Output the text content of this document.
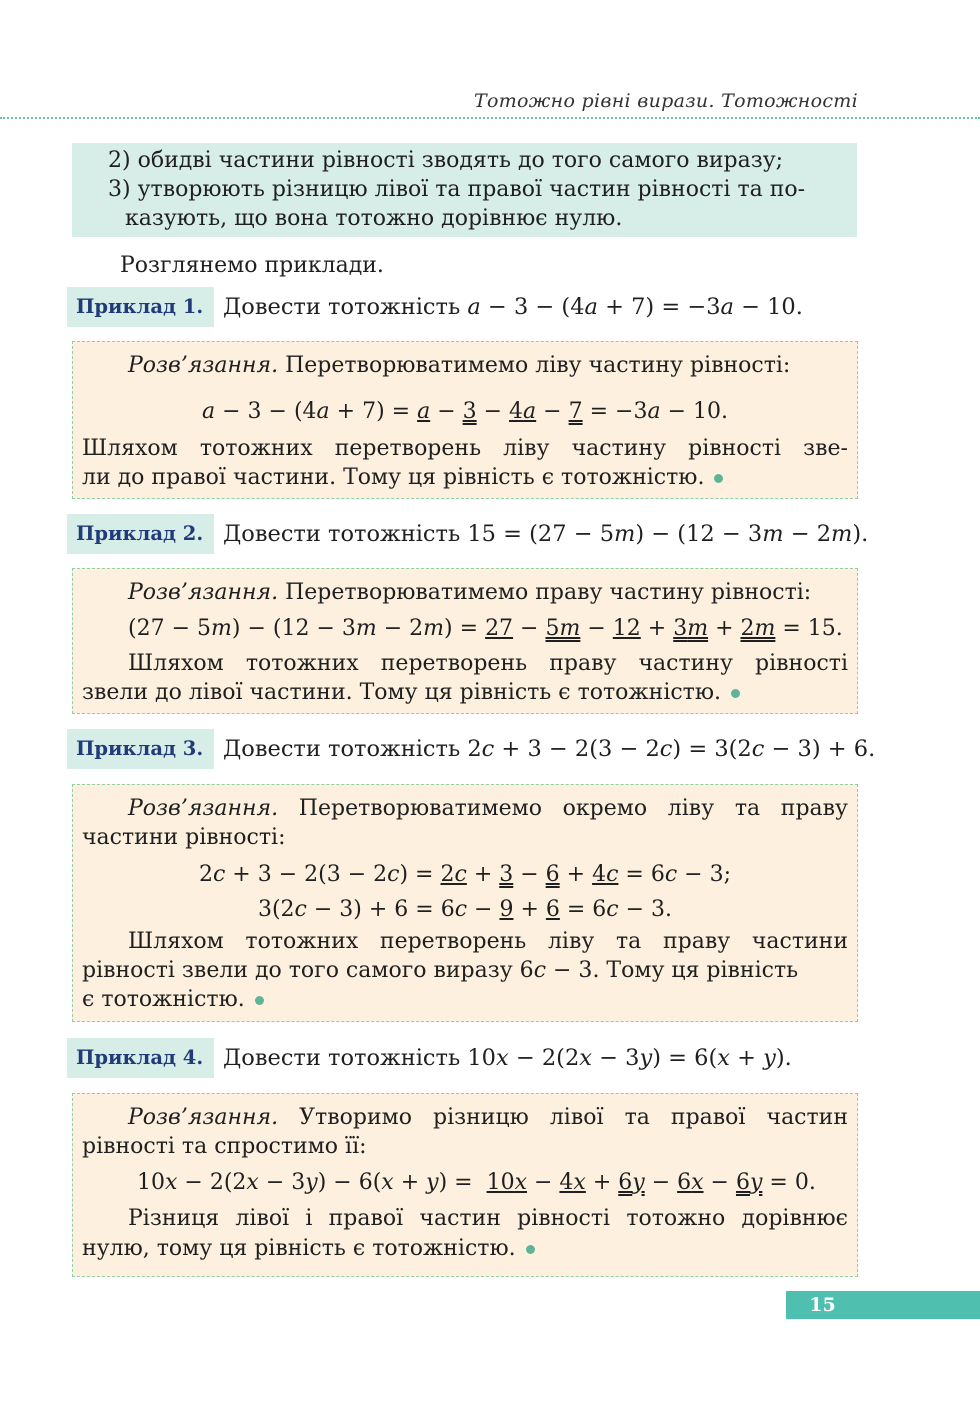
Тотожно рівні вирази. Тотожності
2) обидві частини рівності зводять до того самого виразу;
3) утворюють різницю лівої та правої частин рівності та по-
казують, що вона тотожно дорівнює нулю.
Розглянемо приклади.
Приклад 1. Довести тотожність a − 3 − (4a + 7) = −3a − 10.
Розв’язання. Перетворюватимемо ліву частину рівності:
a − 3 − (4a + 7) = a − 3 − 4a − 7 = −3a − 10.
Шляхом тотожних перетворень ліву частину рівності зве-
ли до правої частини. Тому ця рівність є тотожністю.
Приклад 2. Довести тотожність 15 = (27 − 5m) − (12 − 3m − 2m).
Розв’язання. Перетворюватимемо праву частину рівності:
(27 − 5m) − (12 − 3m − 2m) = 27 − 5m − 12 + 3m + 2m = 15.
Шляхом тотожних перетворень праву частину рівності
звели до лівої частини. Тому ця рівність є тотожністю.
Приклад 3. Довести тотожність 2c + 3 − 2(3 − 2c) = 3(2c − 3) + 6.
Розв’язання. Перетворюватимемо окремо ліву та праву
частини рівності:
2c + 3 − 2(3 − 2c) = 2c + 3 − 6 + 4c = 6c − 3;
3(2c − 3) + 6 = 6c − 9 + 6 = 6c − 3.
Шляхом тотожних перетворень ліву та праву частини
рівності звели до того самого виразу 6c − 3. Тому ця рівність
є тотожністю.
Приклад 4. Довести тотожність 10x − 2(2x − 3y) = 6(x + y).
Розв’язання. Утворимо різницю лівої та правої частин
рівності та спростимо її:
10x − 2(2x − 3y) − 6(x + y) =  10x − 4x + 6y − 6x − 6y = 0.
Різниця лівої і правої частин рівності тотожно дорівнює
нулю, тому ця рівність є тотожністю.
15
